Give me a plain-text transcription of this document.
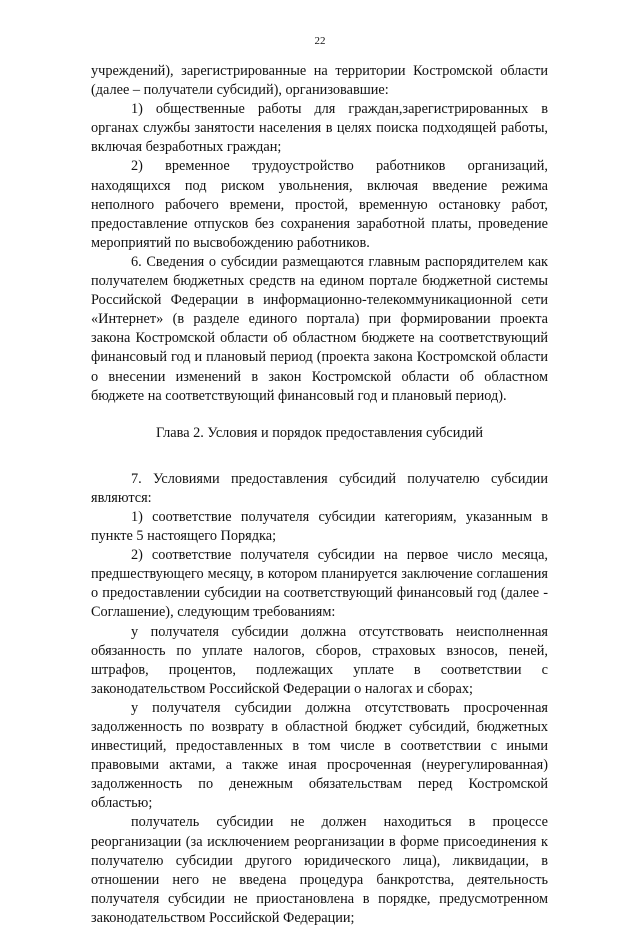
22

учреждений), зарегистрированные на территории Костромской области (далее – получатели субсидий), организовавшие:

1) общественные работы для граждан,зарегистрированных в органах службы занятости населения в целях поиска подходящей работы, включая безработных граждан;

2) временное трудоустройство работников организаций, находящихся под риском увольнения, включая введение режима неполного рабочего времени, простой, временную остановку работ, предоставление отпусков без сохранения заработной платы, проведение мероприятий по высвобождению работников.

6. Сведения о субсидии размещаются главным распорядителем как получателем бюджетных средств на едином портале бюджетной системы Российской Федерации в информационно-телекоммуникационной сети «Интернет» (в разделе единого портала) при формировании проекта закона Костромской области об областном бюджете на соответствующий финансовый год и плановый период (проекта закона Костромской области о внесении изменений в закон Костромской области об областном бюджете на соответствующий финансовый год и плановый период).

Глава 2. Условия и порядок предоставления субсидий

7. Условиями предоставления субсидий получателю субсидии являются:

1) соответствие получателя субсидии категориям, указанным в пункте 5 настоящего Порядка;

2) соответствие получателя субсидии на первое число месяца, предшествующего месяцу, в котором планируется заключение соглашения о предоставлении субсидии на соответствующий финансовый год (далее - Соглашение), следующим требованиям:

у получателя субсидии должна отсутствовать неисполненная обязанность по уплате налогов, сборов, страховых взносов, пеней, штрафов, процентов, подлежащих уплате в соответствии с законодательством Российской Федерации о налогах и сборах;

у получателя субсидии должна отсутствовать просроченная задолженность по возврату в областной бюджет субсидий, бюджетных инвестиций, предоставленных в том числе в соответствии с иными правовыми актами, а также иная просроченная (неурегулированная) задолженность по денежным обязательствам перед Костромской областью;

получатель субсидии не должен находиться в процессе реорганизации (за исключением реорганизации в форме присоединения к получателю субсидии другого юридического лица), ликвидации, в отношении него не введена процедура банкротства, деятельность получателя субсидии не приостановлена в порядке, предусмотренном законодательством Российской Федерации;
